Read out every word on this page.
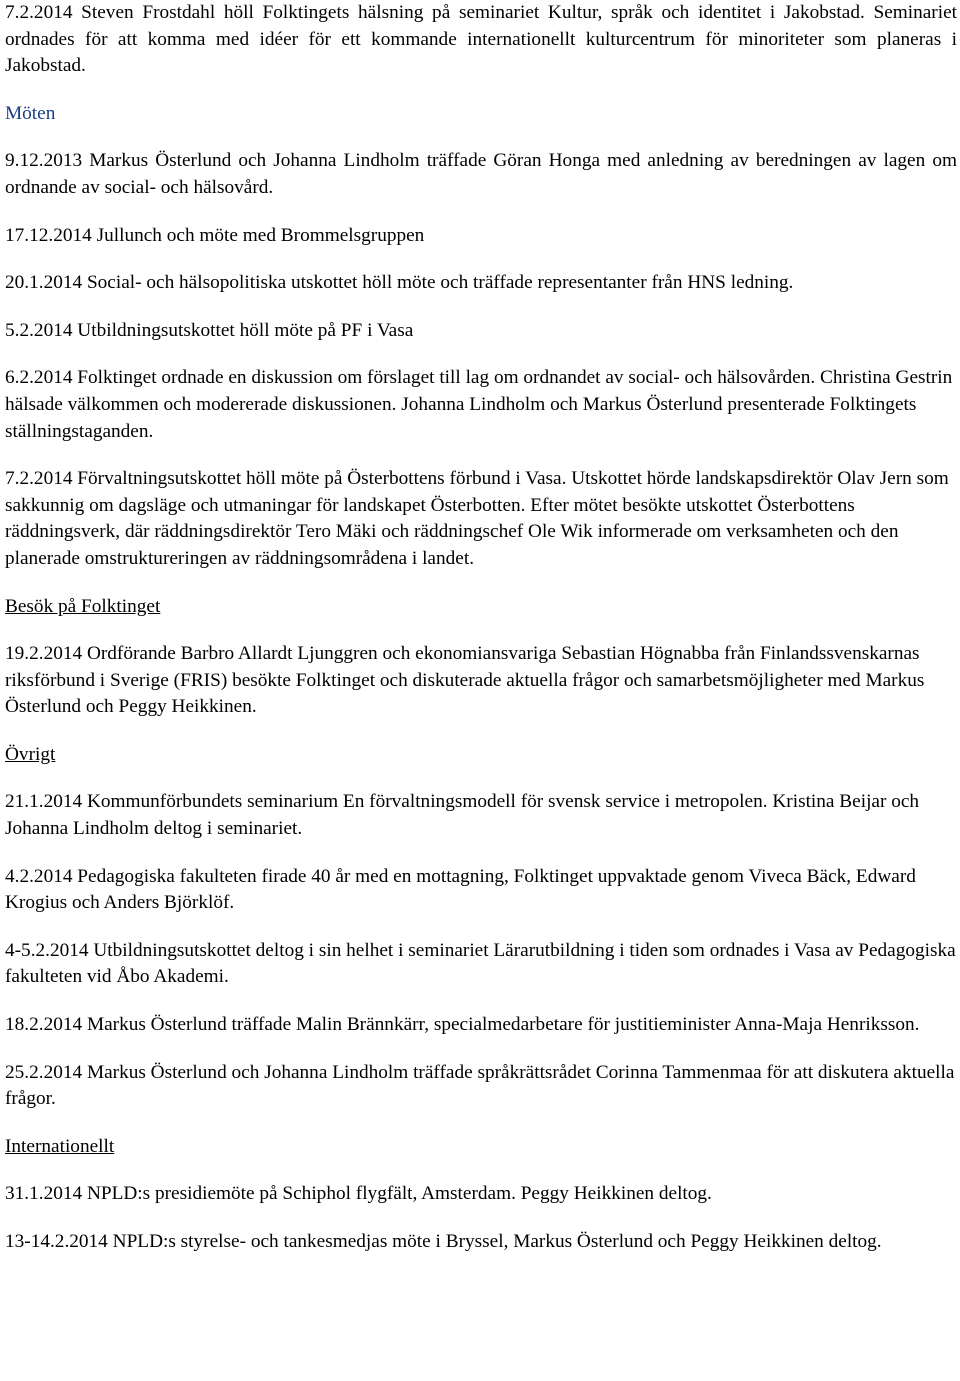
7.2.2014 Steven Frostdahl höll Folktingets hälsning på seminariet Kultur, språk och identitet i Jakobstad. Seminariet ordnades för att komma med idéer för ett kommande internationellt kulturcentrum för minoriteter som planeras i Jakobstad.

Möten

9.12.2013 Markus Österlund och Johanna Lindholm träffade Göran Honga med anledning av beredningen av lagen om ordnande av social- och hälsovård.

17.12.2014 Jullunch och möte med Brommelsgruppen

20.1.2014 Social- och hälsopolitiska utskottet höll möte och träffade representanter från HNS ledning.

5.2.2014 Utbildningsutskottet höll möte på PF i Vasa

6.2.2014 Folktinget ordnade en diskussion om förslaget till lag om ordnandet av social- och hälsovården. Christina Gestrin hälsade välkommen och modererade diskussionen. Johanna Lindholm och Markus Österlund presenterade Folktingets ställningstaganden.

7.2.2014 Förvaltningsutskottet höll möte på Österbottens förbund i Vasa. Utskottet hörde landskapsdirektör Olav Jern som sakkunnig om dagsläge och utmaningar för landskapet Österbotten. Efter mötet besökte utskottet Österbottens räddningsverk, där räddningsdirektör Tero Mäki och räddningschef Ole Wik informerade om verksamheten och den planerade omstruktureringen av räddningsområdena i landet.

Besök på Folktinget

19.2.2014 Ordförande Barbro Allardt Ljunggren och ekonomiansvariga Sebastian Högnabba från Finlandssvenskarnas riksförbund i Sverige (FRIS) besökte Folktinget och diskuterade aktuella frågor och samarbetsmöjligheter med Markus Österlund och Peggy Heikkinen.

Övrigt

21.1.2014 Kommunförbundets seminarium En förvaltningsmodell för svensk service i metropolen. Kristina Beijar och Johanna Lindholm deltog i seminariet.

4.2.2014 Pedagogiska fakulteten firade 40 år med en mottagning, Folktinget uppvaktade genom Viveca Bäck, Edward Krogius och Anders Björklöf.

4-5.2.2014 Utbildningsutskottet deltog i sin helhet i seminariet Lärarutbildning i tiden som ordnades i Vasa av Pedagogiska fakulteten vid Åbo Akademi.

18.2.2014 Markus Österlund träffade Malin Brännkärr, specialmedarbetare för justitieminister Anna-Maja Henriksson.

25.2.2014 Markus Österlund och Johanna Lindholm träffade språkrättsrådet Corinna Tammenmaa för att diskutera aktuella frågor.

Internationellt

31.1.2014 NPLD:s presidiemöte på Schiphol flygfält, Amsterdam. Peggy Heikkinen deltog.

13-14.2.2014 NPLD:s styrelse- och tankesmedjas möte i Bryssel, Markus Österlund och Peggy Heikkinen deltog.
